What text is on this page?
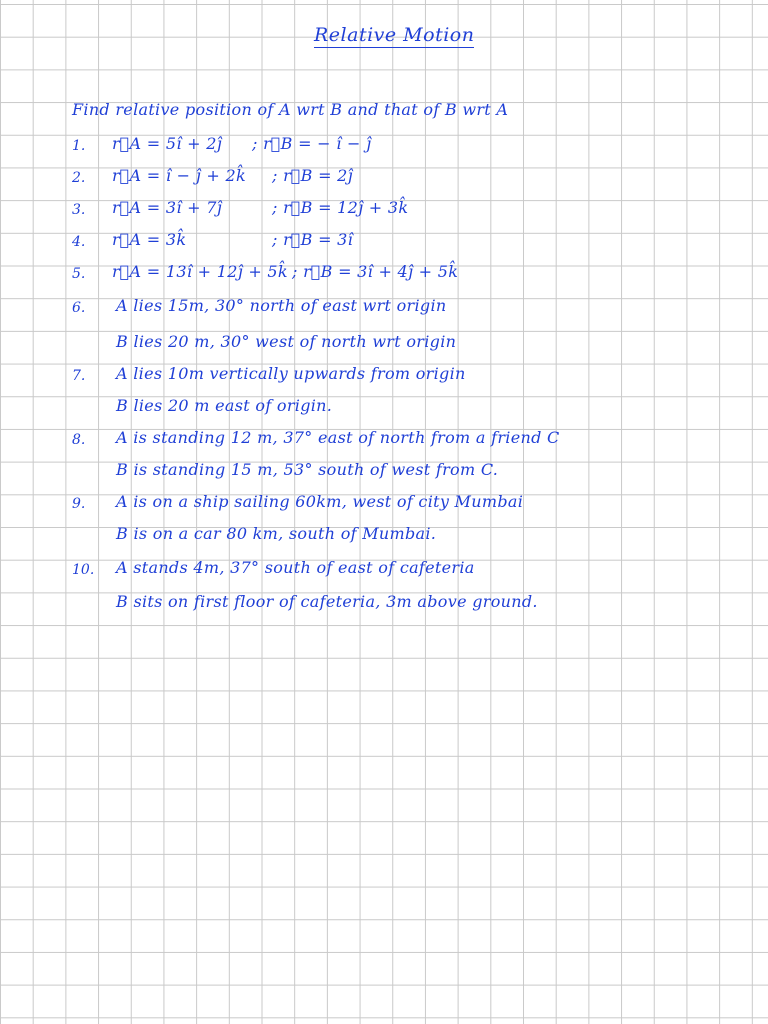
Relative Motion
Find relative position of A wrt B and that of B wrt A
1. r⃗A = 5î + 2ĵ ; r⃗B = − î − ĵ
2. r⃗A = î − ĵ + 2k̂ ; r⃗B = 2ĵ
3. r⃗A = 3î + 7ĵ	; r⃗B = 12ĵ + 3k̂
4. r⃗A = 3k̂	; r⃗B = 3î
5. r⃗A = 13î + 12ĵ + 5k̂ ; r⃗B = 3î + 4ĵ + 5k̂
6. A lies 15m, 30° north of east wrt origin
B lies 20 m, 30° west of north wrt origin
7. A lies 10m vertically upwards from origin
B lies 20 m east of origin.
8. A is standing 12 m, 37° east of north from a friend C
B is standing 15 m, 53° south of west from C.
9. A is on a ship sailing 60km, west of city Mumbai
B is on a car 80 km, south of Mumbai.
10. A stands 4m, 37° south of east of cafeteria
B sits on first floor of cafeteria, 3m above ground.
